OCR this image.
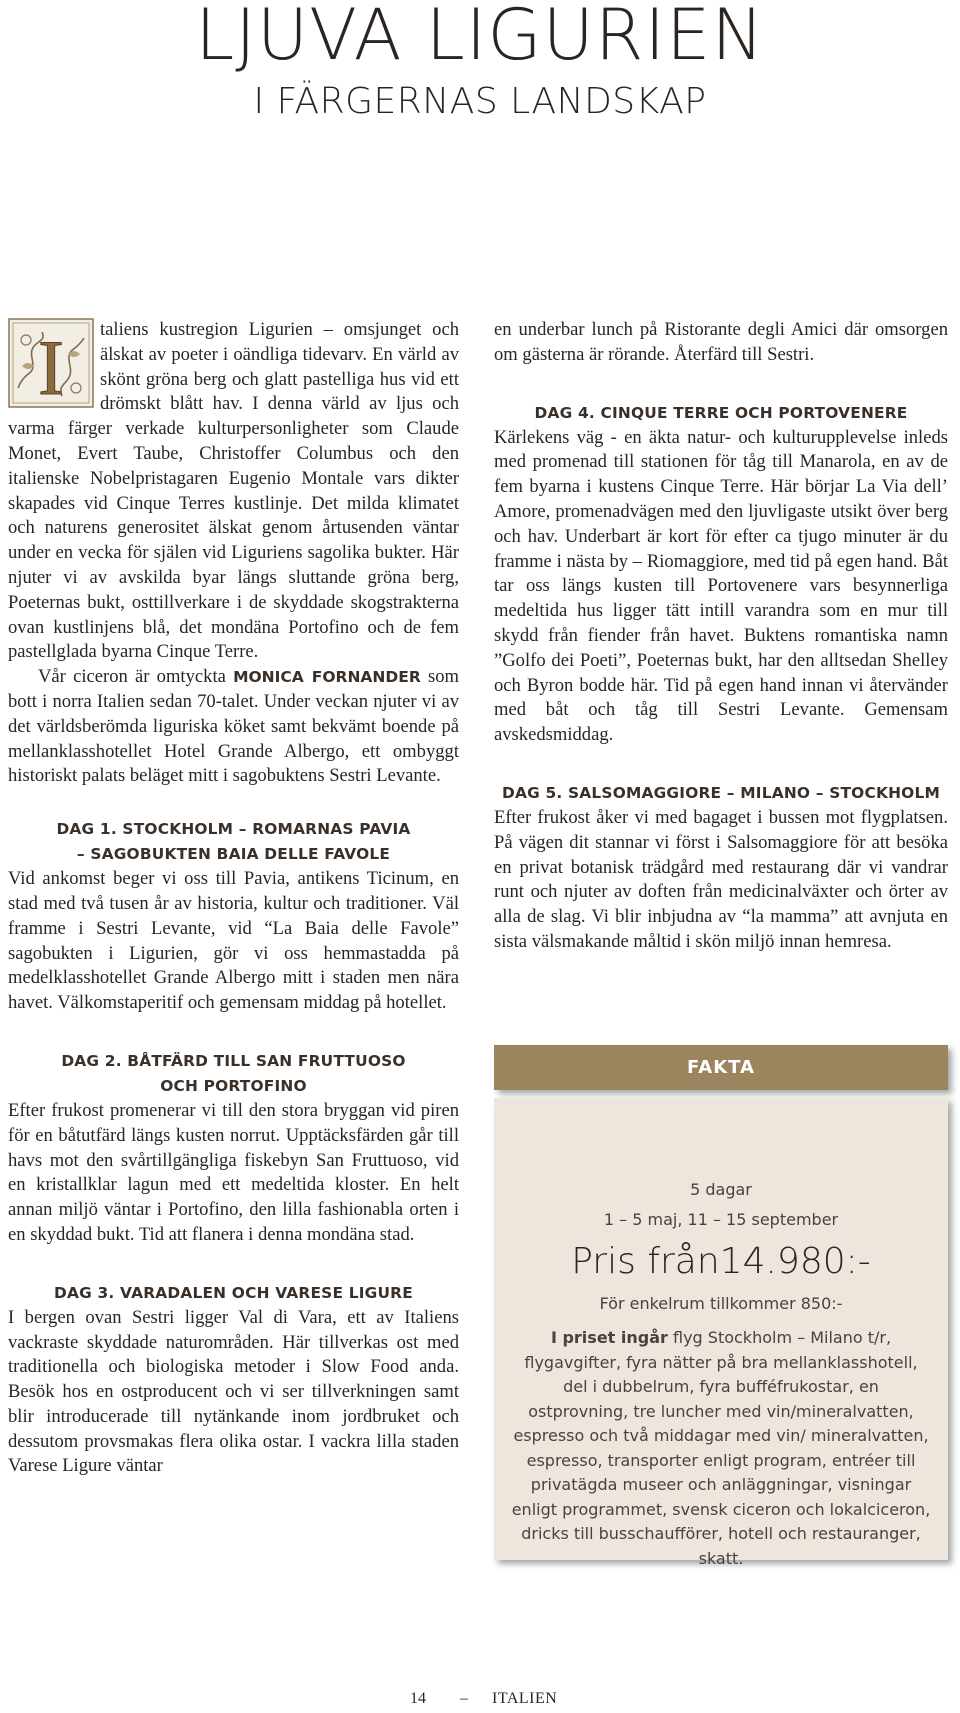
LJUVA LIGURIEN
I FÄRGERNAS LANDSKAP
I	taliens kustregion Ligurien – omsjunget och älskat av poeter i oändliga tidevarv. En värld av skönt gröna berg och glatt pastelliga hus vid ett drömskt blått hav. I denna värld av ljus och varma färger verkade kulturpersonligheter som Claude Monet, Evert Taube, Christoffer Columbus och den italienske Nobelpristagaren Eugenio Montale vars dikter skapades vid Cinque Terres kustlinje. Det milda klimatet och naturens generositet älskat genom årtusenden väntar under en vecka för själen vid Liguriens sagolika bukter. Här njuter vi av avskilda byar längs sluttande gröna berg, Poeternas bukt, osttillverkare i de skyddade skogstrakterna ovan kustlinjens blå, det mondäna Portofino och de fem pastellglada byarna Cinque Terre.

Vår ciceron är omtyckta MONICA FORNANDER som bott i norra Italien sedan 70-talet. Under veckan njuter vi av det världsberömda liguriska köket samt bekvämt boende på mellanklasshotellet Hotel Grande Albergo, ett ombyggt historiskt palats beläget mitt i sagobuktens Sestri Levante.

DAG 1. STOCKHOLM – ROMARNAS PAVIA
– SAGOBUKTEN BAIA DELLE FAVOLE

Vid ankomst beger vi oss till Pavia, antikens Ticinum, en stad med två tusen år av historia, kultur och traditioner. Väl framme i Sestri Levante, vid “La Baia delle Favole” sagobukten i Ligurien, gör vi oss hemmastadda på medelklasshotellet Grande Albergo mitt i staden men nära havet. Välkomstaperitif och gemensam middag på hotellet.

DAG 2. BÅTFÄRD TILL SAN FRUTTUOSO
OCH PORTOFINO

Efter frukost promenerar vi till den stora bryggan vid piren för en båtutfärd längs kusten norrut. Upptäcksfärden går till havs mot den svårtillgängliga fiskebyn San Fruttuoso, vid en kristallklar lagun med ett medeltida kloster. En helt annan miljö väntar i Portofino, den lilla fashionabla orten i en skyddad bukt. Tid att flanera i denna mondäna stad.

DAG 3. VARADALEN OCH VARESE LIGURE

I bergen ovan Sestri ligger Val di Vara, ett av Italiens vackraste skyddade naturområden. Här tillverkas ost med traditionella och biologiska metoder i Slow Food anda. Besök hos en ostproducent och vi ser tillverkningen samt blir introducerade till nytänkande inom jordbruket och dessutom provsmakas flera olika ostar. I vackra lilla staden Varese Ligure väntar

en underbar lunch på Ristorante degli Amici där omsorgen om gästerna är rörande. Återfärd till Sestri.

DAG 4. CINQUE TERRE OCH PORTOVENERE

Kärlekens väg - en äkta natur- och kulturupplevelse inleds med promenad till stationen för tåg till Manarola, en av de fem byarna i kustens Cinque Terre. Här börjar La Via dell’ Amore, promenadvägen med den ljuvligaste utsikt över berg och hav. Underbart är kort för efter ca tjugo minuter är du framme i nästa by – Riomaggiore, med tid på egen hand. Båt tar oss längs kusten till Portovenere vars besynnerliga medeltida hus ligger tätt intill varandra som en mur till skydd från fiender från havet. Buktens romantiska namn ”Golfo dei Poeti”, Poeternas bukt, har den alltsedan Shelley och Byron bodde här. Tid på egen hand innan vi återvänder med båt och tåg till Sestri Levante. Gemensam avskedsmiddag.

DAG 5. SALSOMAGGIORE – MILANO – STOCKHOLM

Efter frukost åker vi med bagaget i bussen mot flygplatsen. På vägen dit stannar vi först i Salsomaggiore för att besöka en privat botanisk trädgård med restaurang där vi vandrar runt och njuter av doften från medicinalväxter och örter av alla de slag. Vi blir inbjudna av “la mamma” att avnjuta en sista välsmakande måltid i skön miljö innan hemresa.

FAKTA
5 dagar
1 – 5 maj, 11 – 15 september
Pris från14.980:-
För enkelrum tillkommer 850:-
I priset ingår flyg Stockholm – Milano t/r, flygavgifter, fyra nätter på bra mellanklasshotell, del i dubbelrum, fyra bufféfrukostar, en ostprovning, tre luncher med vin/mineralvatten, espresso och två middagar med vin/ mineralvatten, espresso, transporter enligt program, entréer till privatägda museer och anläggningar, visningar enligt programmet, svensk ciceron och lokalciceron, dricks till busschaufförer, hotell och restauranger, skatt.
14 – ITALIEN
